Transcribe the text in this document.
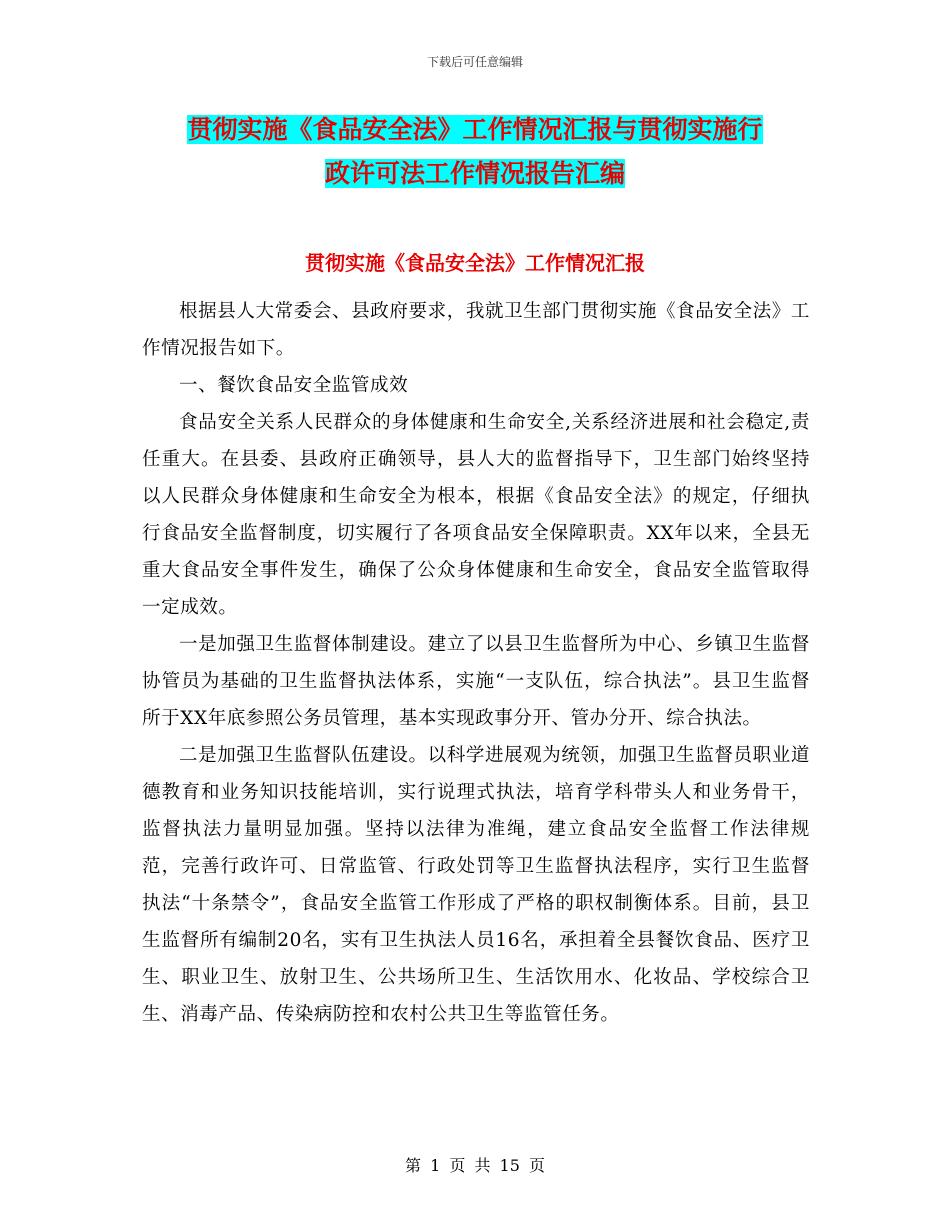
下载后可任意编辑
贯彻实施《食品安全法》工作情况汇报与贯彻实施行
政许可法工作情况报告汇编
贯彻实施《食品安全法》工作情况汇报

根据县人大常委会、县政府要求，我就卫生部门贯彻实施《食品安全法》工作情况报告如下。

一、餐饮食品安全监管成效

食品安全关系人民群众的身体健康和生命安全,关系经济进展和社会稳定,责任重大。在县委、县政府正确领导，县人大的监督指导下，卫生部门始终坚持以人民群众身体健康和生命安全为根本，根据《食品安全法》的规定，仔细执行食品安全监督制度，切实履行了各项食品安全保障职责。XX年以来，全县无重大食品安全事件发生，确保了公众身体健康和生命安全，食品安全监管取得一定成效。

一是加强卫生监督体制建设。建立了以县卫生监督所为中心、乡镇卫生监督协管员为基础的卫生监督执法体系，实施“一支队伍，综合执法”。县卫生监督所于XX年底参照公务员管理，基本实现政事分开、管办分开、综合执法。

二是加强卫生监督队伍建设。以科学进展观为统领，加强卫生监督员职业道德教育和业务知识技能培训，实行说理式执法，培育学科带头人和业务骨干，监督执法力量明显加强。坚持以法律为准绳，建立食品安全监督工作法律规范，完善行政许可、日常监管、行政处罚等卫生监督执法程序，实行卫生监督执法“十条禁令”，食品安全监管工作形成了严格的职权制衡体系。目前，县卫生监督所有编制20名，实有卫生执法人员16名，承担着全县餐饮食品、医疗卫生、职业卫生、放射卫生、公共场所卫生、生活饮用水、化妆品、学校综合卫生、消毒产品、传染病防控和农村公共卫生等监管任务。

第 1 页 共 15 页
